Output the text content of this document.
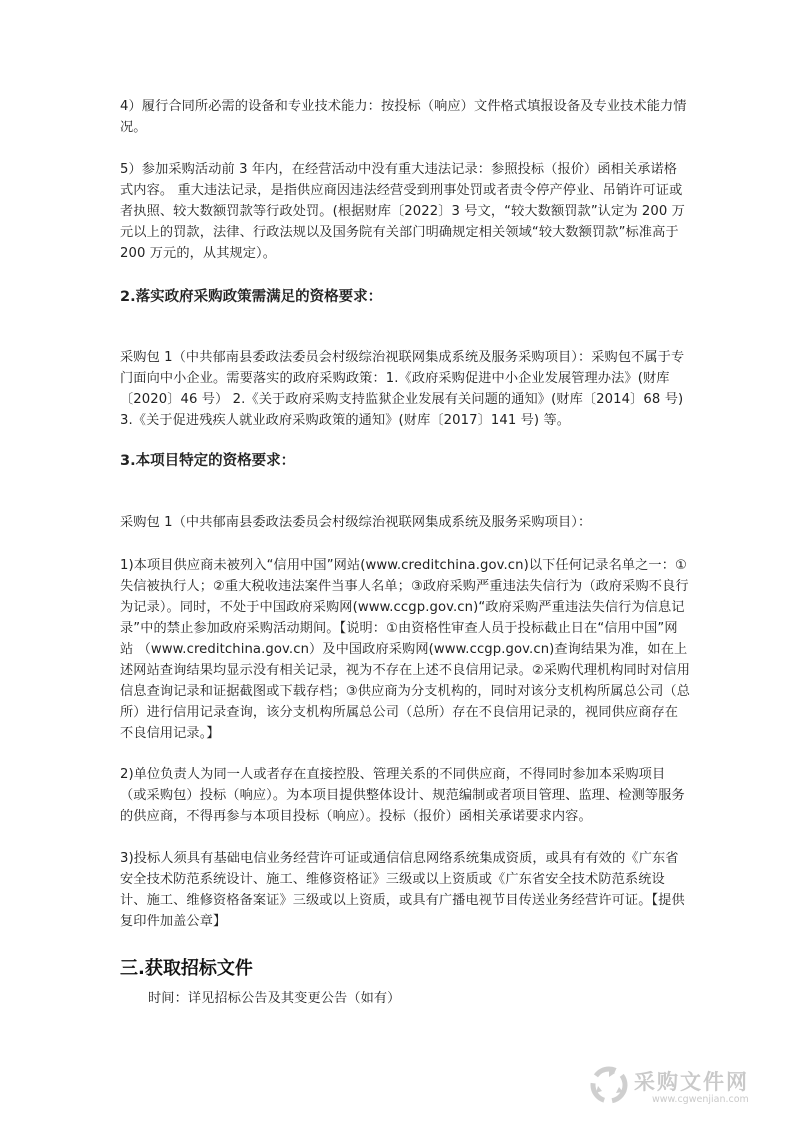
4）履行合同所必需的设备和专业技术能力：按投标（响应）文件格式填报设备及专业技术能力情况。

5）参加采购活动前 3 年内，在经营活动中没有重大违法记录：参照投标（报价）函相关承诺格式内容。 重大违法记录，是指供应商因违法经营受到刑事处罚或者责令停产停业、吊销许可证或者执照、较大数额罚款等行政处罚。(根据财库〔2022〕3 号文，“较大数额罚款”认定为 200 万元以上的罚款，法律、行政法规以及国务院有关部门明确规定相关领域“较大数额罚款”标准高于 200 万元的，从其规定）。

2.落实政府采购政策需满足的资格要求：

采购包 1（中共郁南县委政法委员会村级综治视联网集成系统及服务采购项目）：采购包不属于专门面向中小企业。需要落实的政府采购政策：1.《政府采购促进中小企业发展管理办法》(财库〔2020〕46 号） 2.《关于政府采购支持监狱企业发展有关问题的通知》(财库〔2014〕68 号) 3.《关于促进残疾人就业政府采购政策的通知》(财库〔2017〕141 号) 等。

3.本项目特定的资格要求：

采购包 1（中共郁南县委政法委员会村级综治视联网集成系统及服务采购项目）：

1)本项目供应商未被列入“信用中国”网站(www.creditchina.gov.cn)以下任何记录名单之一：①失信被执行人；②重大税收违法案件当事人名单；③政府采购严重违法失信行为（政府采购不良行为记录）。同时，不处于中国政府采购网(www.ccgp.gov.cn)“政府采购严重违法失信行为信息记录”中的禁止参加政府采购活动期间。【说明：①由资格性审查人员于投标截止日在“信用中国”网站 （www.creditchina.gov.cn）及中国政府采购网(www.ccgp.gov.cn)查询结果为准，如在上述网站查询结果均显示没有相关记录，视为不存在上述不良信用记录。②采购代理机构同时对信用信息查询记录和证据截图或下载存档；③供应商为分支机构的，同时对该分支机构所属总公司（总所）进行信用记录查询，该分支机构所属总公司（总所）存在不良信用记录的，视同供应商存在不良信用记录。】

2)单位负责人为同一人或者存在直接控股、管理关系的不同供应商，不得同时参加本采购项目（或采购包）投标（响应）。为本项目提供整体设计、规范编制或者项目管理、监理、检测等服务的供应商，不得再参与本项目投标（响应）。投标（报价）函相关承诺要求内容。

3)投标人须具有基础电信业务经营许可证或通信信息网络系统集成资质，或具有有效的《广东省安全技术防范系统设计、施工、维修资格证》三级或以上资质或《广东省安全技术防范系统设计、施工、维修资格备案证》三级或以上资质，或具有广播电视节目传送业务经营许可证。【提供复印件加盖公章】

三.获取招标文件

时间：详见招标公告及其变更公告（如有）

采购文件网
www.cgwenjian.com
